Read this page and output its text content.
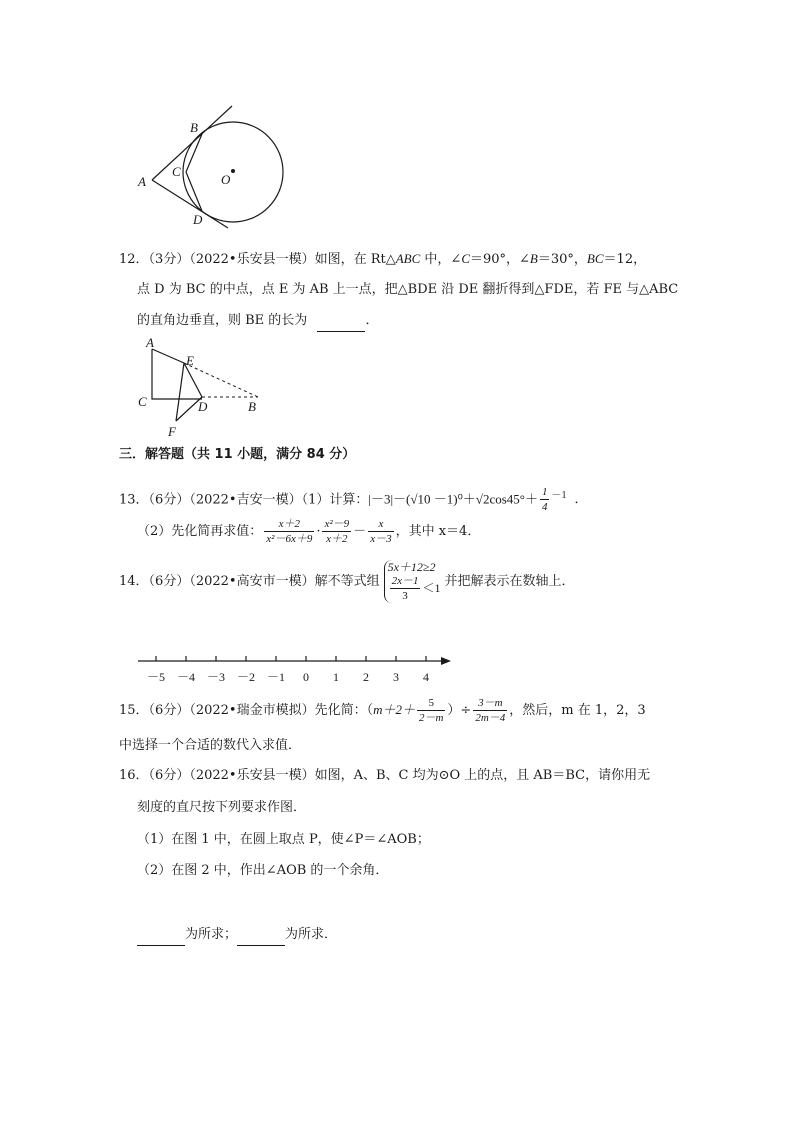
A
B
C
D
O
12．（3分）（2022•乐安县一模）如图，在 Rt△ABC 中，∠C＝90°，∠B＝30°，BC＝12，
点 D 为 BC 的中点，点 E 为 AB 上一点，把△BDE 沿 DE 翻折得到△FDE，若 FE 与△ABC
的直角边垂直，则 BE 的长为	．
A
E
C	D	B
F
三．解答题（共 11 小题，满分 84 分）
13．（6分）（2022•吉安一模）（1）计算：$|-3|-(√10 -1)^0+√2\cos 45^\circ+ \frac{1}{4} ^{-1}$ ．
（2）先化简再求值： $\frac{x+2}{\text{x²－6x＋9}} \cdot \frac{\text{x²－9}}{x+2} - \frac{x}{x-3}$ ，其中 x＝4．
14．（6分）（2022•高安市一模）解不等式组
5x＋12≥2
$\frac{2x-1}{3} <1$ 并把解表示在数轴上．
－5 －4 －3 －2 －1 0 1 2 3 4
15．（6分）（2022•瑞金市模拟）先化简：（$m+2+ \frac{5}{2-m}$ ）÷ $\frac{3-m}{2m-4}$ ，然后，m 在 1，2，3
中选择一个合适的数代入求值．
16．（6分）（2022•乐安县一模）如图，A、B、C 均为⊙O 上的点，且 AB＝BC，请你用无
刻度的直尺按下列要求作图．
（1）在图 1 中，在圆上取点 P，使∠P＝∠AOB；
（2）在图 2 中，作出∠AOB 的一个余角．
为所求；	为所求．
